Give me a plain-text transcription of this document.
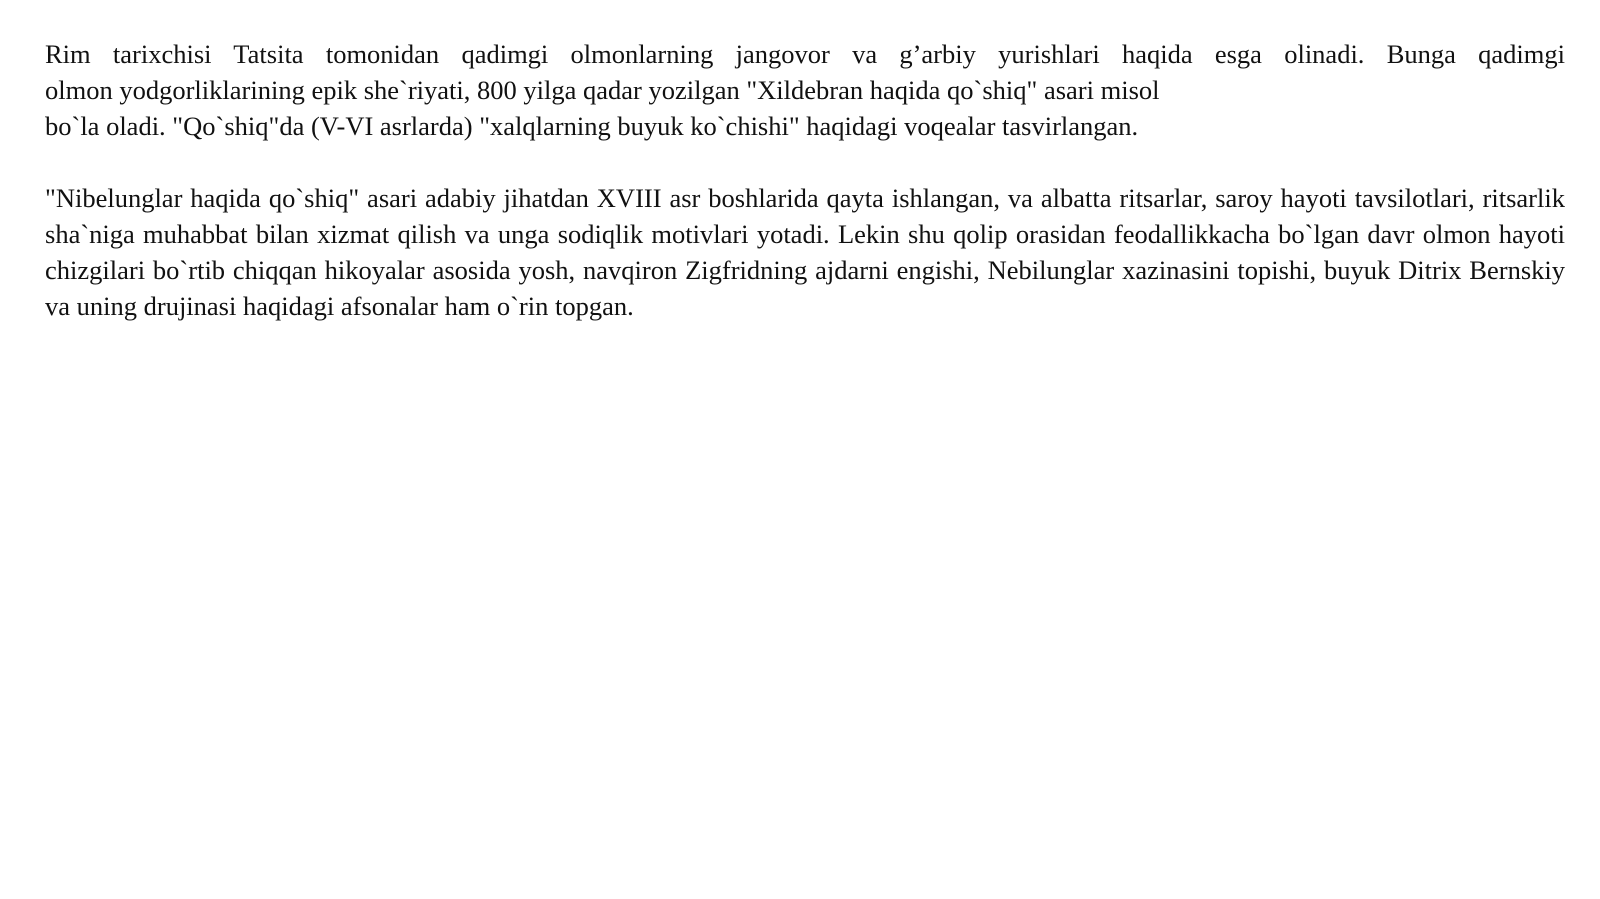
Rim tarixchisi Tatsita tomonidan qadimgi olmonlarning jangovor va g’arbiy yurishlari haqida esga olinadi. Bunga qadimgi
olmon yodgorliklarining epik she`riyati, 800 yilga qadar yozilgan "Xildebran haqida qo`shiq" asari misol
bo`la oladi. "Qo`shiq"da (V-VI asrlarda) "xalqlarning buyuk ko`chishi" haqidagi voqealar tasvirlangan.

"Nibelunglar haqida qo`shiq" asari adabiy jihatdan XVIII asr boshlarida qayta ishlangan, va albatta ritsarlar, saroy hayoti tavsilotlari, ritsarlik sha`niga muhabbat bilan xizmat qilish va unga sodiqlik motivlari yotadi. Lekin shu qolip orasidan feodallikkacha bo`lgan davr olmon hayoti chizgilari bo`rtib chiqqan hikoyalar asosida yosh, navqiron Zigfridning ajdarni engishi, Nebilunglar xazinasini topishi, buyuk Ditrix Bernskiy va uning drujinasi haqidagi afsonalar ham o`rin topgan.
